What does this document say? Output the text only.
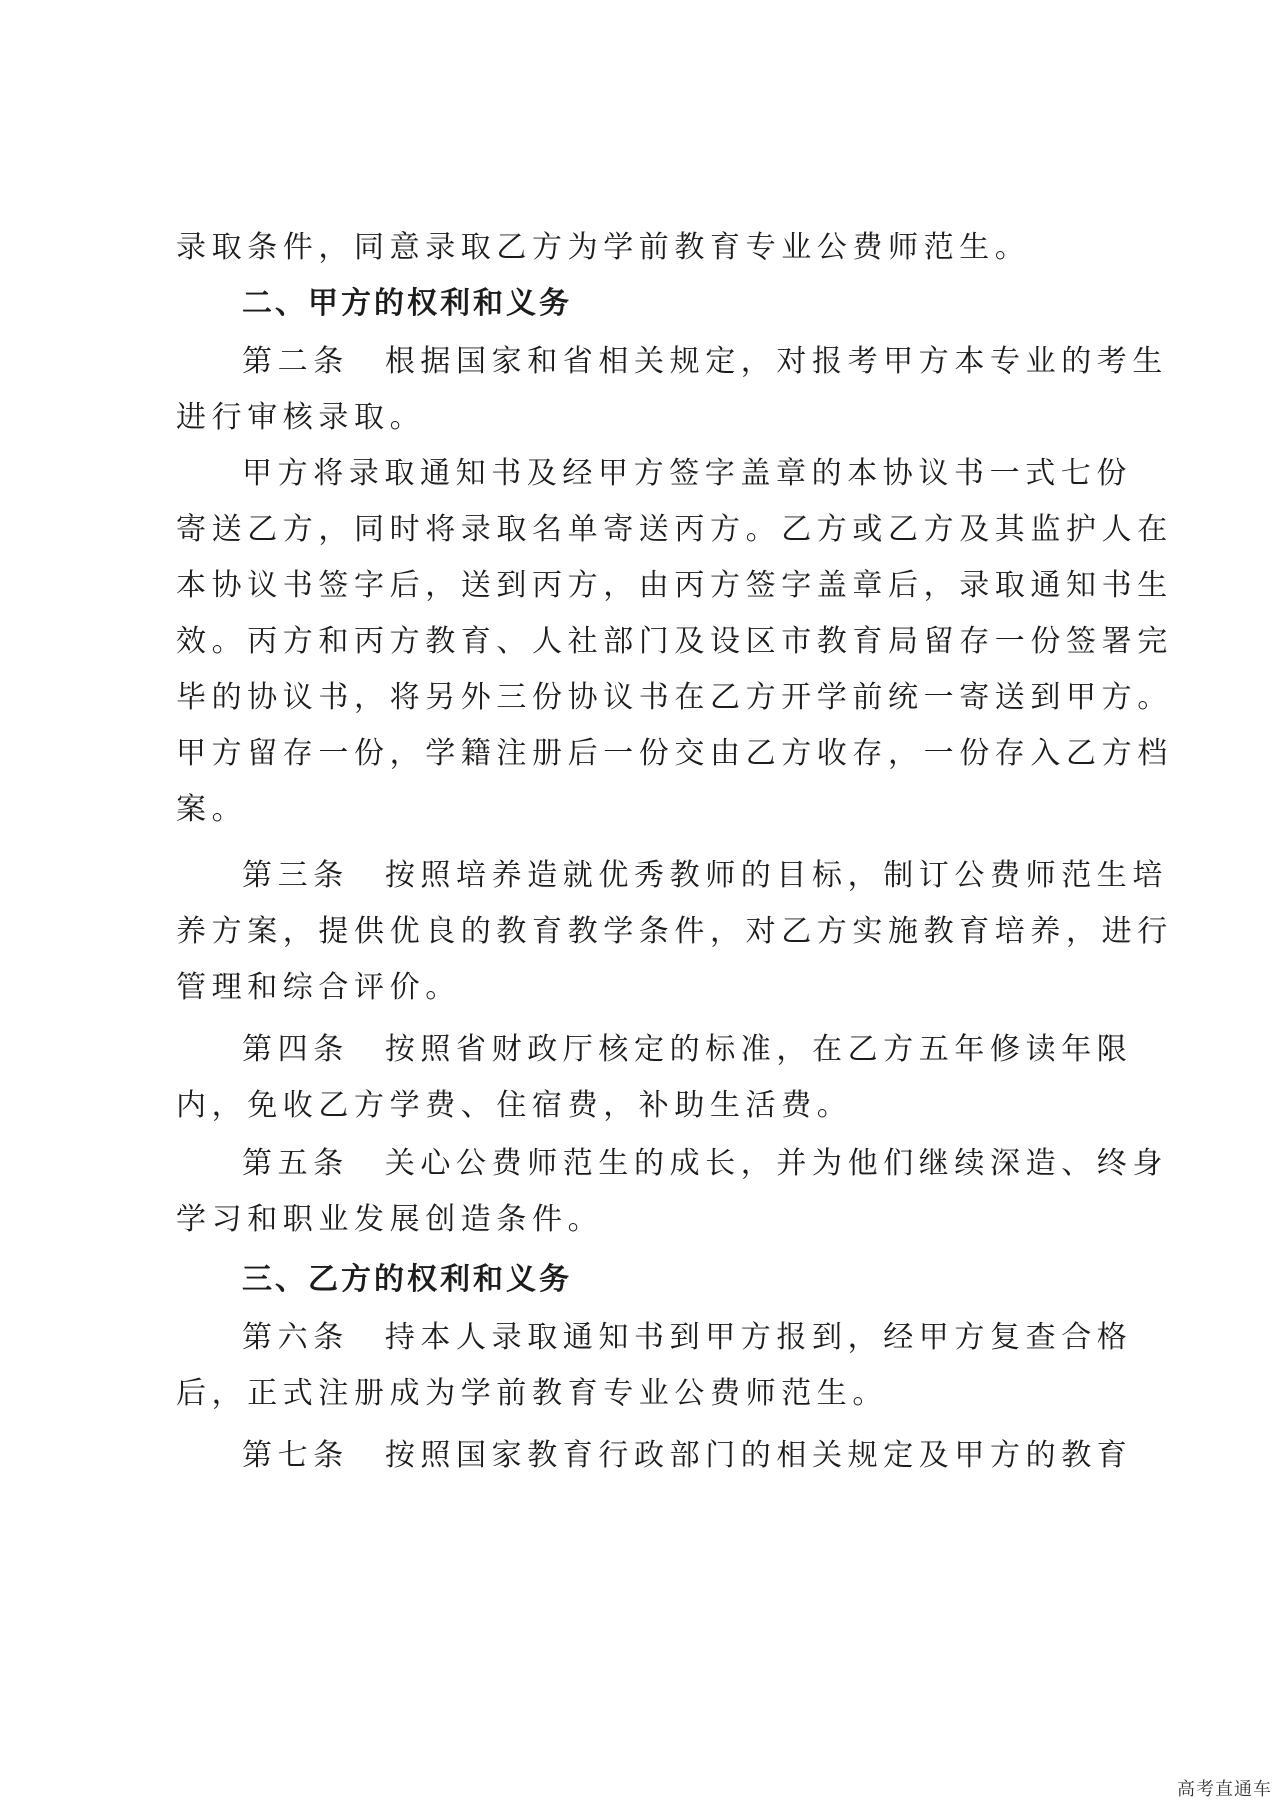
录取条件，同意录取乙方为学前教育专业公费师范生。
二、甲方的权利和义务
第二条 根据国家和省相关规定，对报考甲方本专业的考生
进行审核录取。
甲方将录取通知书及经甲方签字盖章的本协议书一式七份
寄送乙方，同时将录取名单寄送丙方。乙方或乙方及其监护人在
本协议书签字后，送到丙方，由丙方签字盖章后，录取通知书生
效。丙方和丙方教育、人社部门及设区市教育局留存一份签署完
毕的协议书，将另外三份协议书在乙方开学前统一寄送到甲方。
甲方留存一份，学籍注册后一份交由乙方收存，一份存入乙方档
案。
第三条 按照培养造就优秀教师的目标，制订公费师范生培
养方案，提供优良的教育教学条件，对乙方实施教育培养，进行
管理和综合评价。
第四条 按照省财政厅核定的标准，在乙方五年修读年限
内，免收乙方学费、住宿费，补助生活费。
第五条 关心公费师范生的成长，并为他们继续深造、终身
学习和职业发展创造条件。
三、乙方的权利和义务
第六条 持本人录取通知书到甲方报到，经甲方复查合格
后，正式注册成为学前教育专业公费师范生。
第七条 按照国家教育行政部门的相关规定及甲方的教育
高考直通车
